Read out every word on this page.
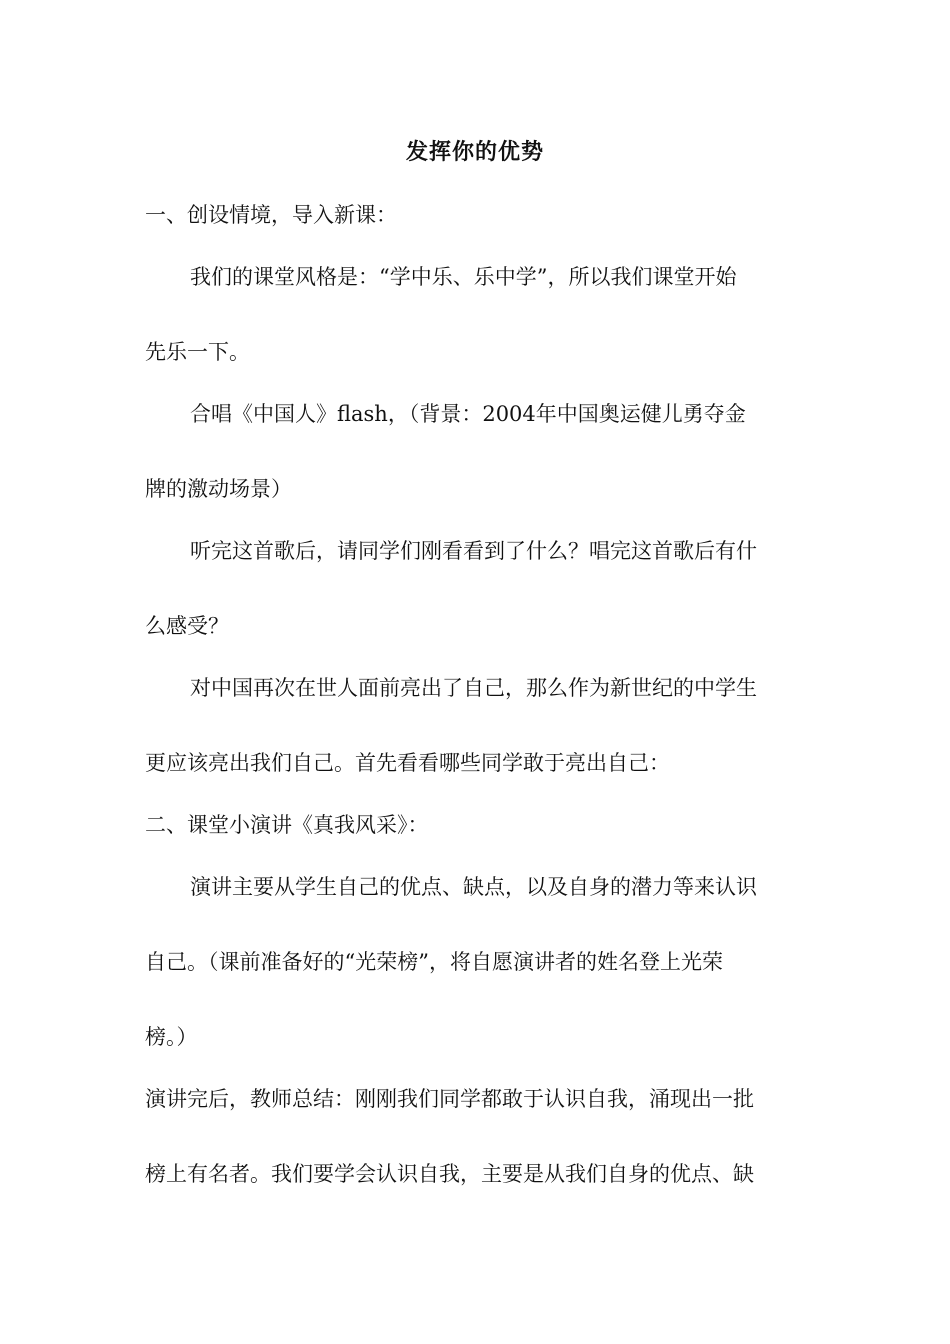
发挥你的优势
一、创设情境，导入新课：
我们的课堂风格是：“学中乐、乐中学”，所以我们课堂开始
先乐一下。
合唱《中国人》flash，（背景：2004年中国奥运健儿勇夺金
牌的激动场景）
听完这首歌后，请同学们刚看看到了什么？唱完这首歌后有什
么感受？
对中国再次在世人面前亮出了自己，那么作为新世纪的中学生
更应该亮出我们自己。首先看看哪些同学敢于亮出自己：
二、课堂小演讲《真我风采》：
演讲主要从学生自己的优点、缺点，以及自身的潜力等来认识
自己。（课前准备好的“光荣榜”，将自愿演讲者的姓名登上光荣
榜。）
演讲完后，教师总结：刚刚我们同学都敢于认识自我，涌现出一批
榜上有名者。我们要学会认识自我，主要是从我们自身的优点、缺
